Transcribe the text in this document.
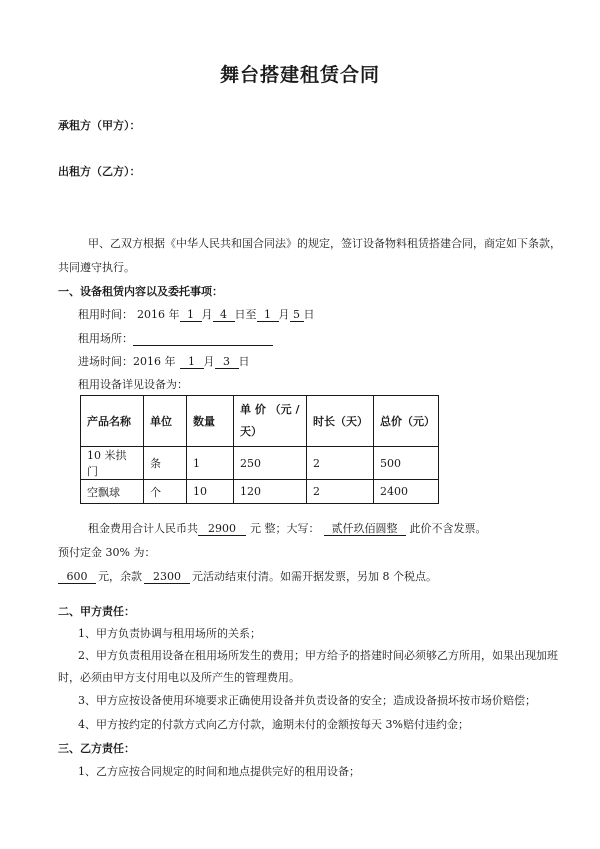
舞台搭建租赁合同
承租方（甲方）：
出租方（乙方）：
甲、乙双方根据《中华人民共和国合同法》的规定，签订设备物料租赁搭建合同，商定如下条款，
共同遵守执行。
一、设备租赁内容以及委托事项：
租用时间： 2016 年 1 月 4 日至 1 月 5 日
租用场所：
进场时间：2016 年 1 月 3 日
租用设备详见设备为：
产品名称	单位	数量	单 价 （元 / 天）	时长（天）	总价（元）
10 米拱门	条	1	250	2	500
空飘球	个	10	120	2	2400
租金费用合计人民币共 2900 元 整；大写： 贰仟玖佰圆整 此价不含发票。
预付定金 30% 为：
600 元，余款 2300 元活动结束付清。如需开据发票，另加 8 个税点。
二、甲方责任：
1、甲方负责协调与租用场所的关系；
2、甲方负责租用设备在租用场所发生的费用；甲方给予的搭建时间必须够乙方所用，如果出现加班
时，必须由甲方支付用电以及所产生的管理费用。
3、甲方应按设备使用环境要求正确使用设备并负责设备的安全；造成设备损坏按市场价赔偿；
4、甲方按约定的付款方式向乙方付款，逾期未付的金额按每天 3%赔付违约金；
三、乙方责任：
1、乙方应按合同规定的时间和地点提供完好的租用设备；
